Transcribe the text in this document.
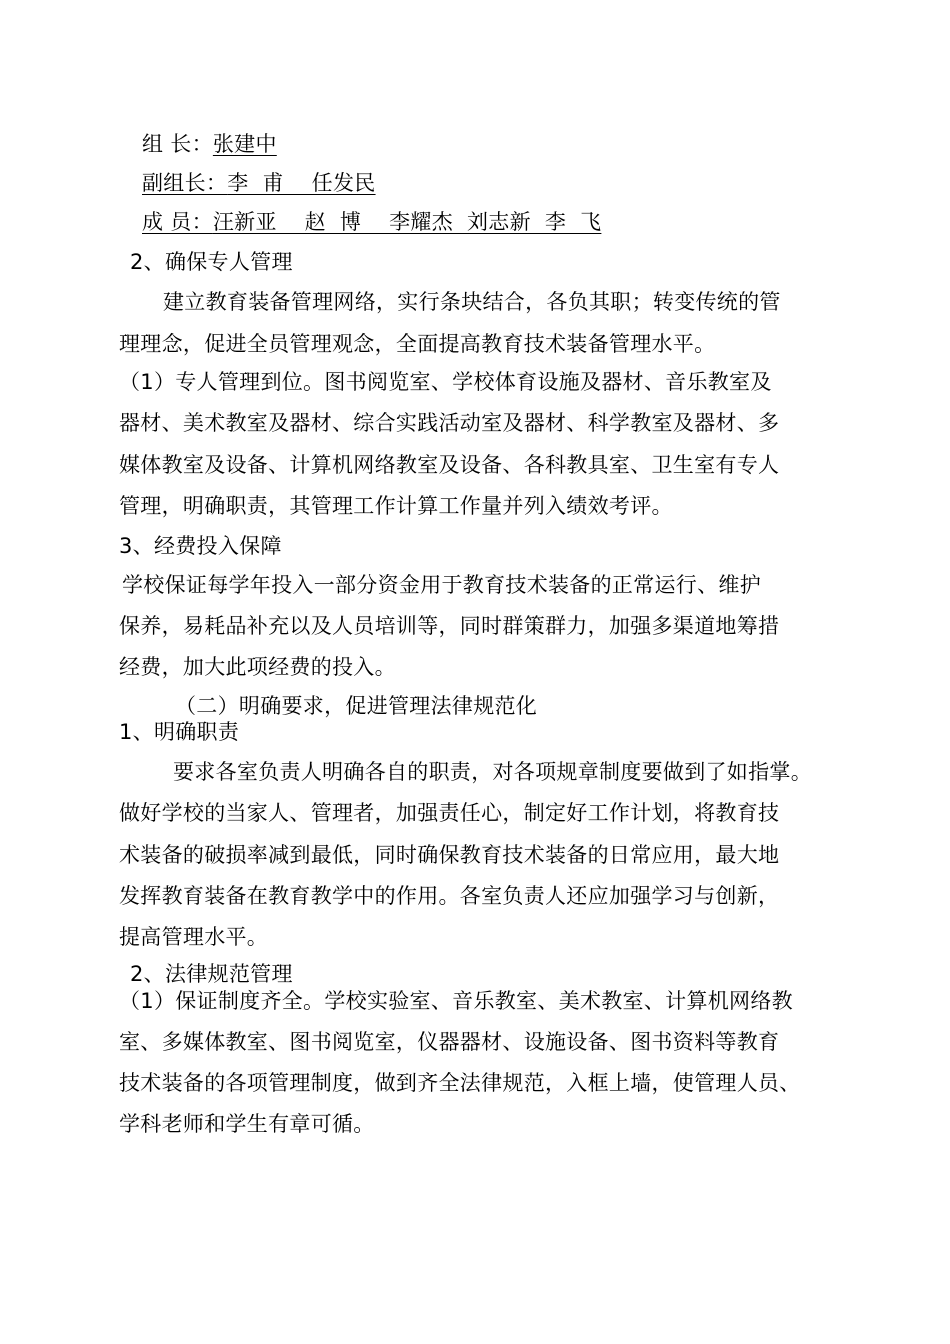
组 长：张建中
副组长：李  甫    任发民
成 员：汪新亚    赵  博    李耀杰  刘志新  李  飞
2、确保专人管理
建立教育装备管理网络，实行条块结合，各负其职；转变传统的管
理理念，促进全员管理观念，全面提高教育技术装备管理水平。
（1）专人管理到位。图书阅览室、学校体育设施及器材、音乐教室及
器材、美术教室及器材、综合实践活动室及器材、科学教室及器材、多
媒体教室及设备、计算机网络教室及设备、各科教具室、卫生室有专人
管理，明确职责，其管理工作计算工作量并列入绩效考评。
3、经费投入保障
学校保证每学年投入一部分资金用于教育技术装备的正常运行、维护
保养，易耗品补充以及人员培训等，同时群策群力，加强多渠道地筹措
经费，加大此项经费的投入。
（二）明确要求，促进管理法律规范化
1、明确职责
要求各室负责人明确各自的职责，对各项规章制度要做到了如指掌。
做好学校的当家人、管理者，加强责任心，制定好工作计划，将教育技
术装备的破损率减到最低，同时确保教育技术装备的日常应用，最大地
发挥教育装备在教育教学中的作用。各室负责人还应加强学习与创新，
提高管理水平。
2、法律规范管理
（1）保证制度齐全。学校实验室、音乐教室、美术教室、计算机网络教
室、多媒体教室、图书阅览室，仪器器材、设施设备、图书资料等教育
技术装备的各项管理制度，做到齐全法律规范，入框上墙，使管理人员、
学科老师和学生有章可循。
